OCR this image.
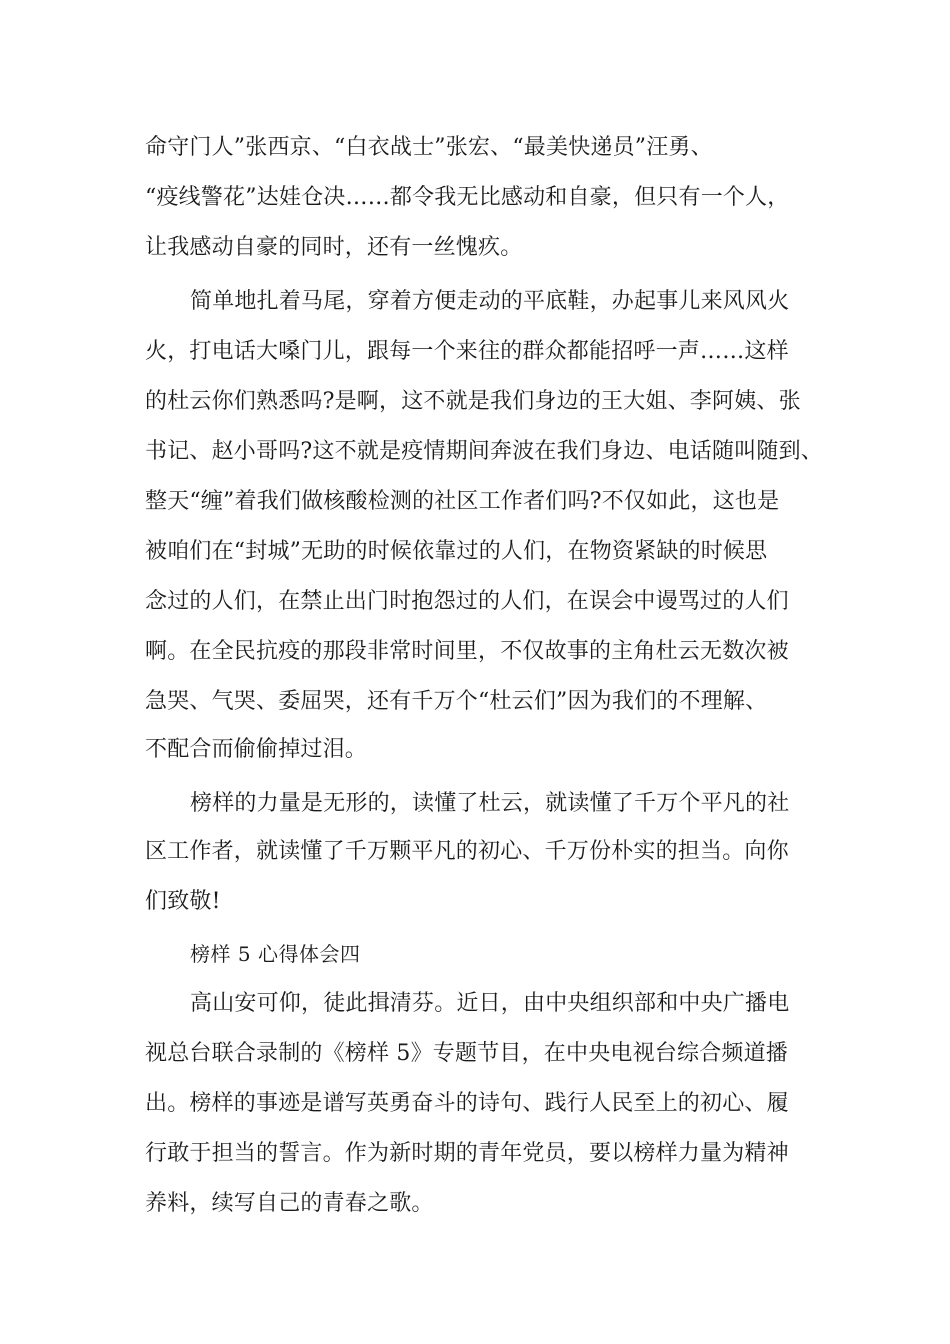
命守门人”张西京、“白衣战士”张宏、“最美快递员”汪勇、
“疫线警花”达娃仓决……都令我无比感动和自豪，但只有一个人，
让我感动自豪的同时，还有一丝愧疚。
简单地扎着马尾，穿着方便走动的平底鞋，办起事儿来风风火
火，打电话大嗓门儿，跟每一个来往的群众都能招呼一声……这样
的杜云你们熟悉吗?是啊，这不就是我们身边的王大姐、李阿姨、张
书记、赵小哥吗?这不就是疫情期间奔波在我们身边、电话随叫随到、
整天“缠”着我们做核酸检测的社区工作者们吗?不仅如此，这也是
被咱们在“封城”无助的时候依靠过的人们，在物资紧缺的时候思
念过的人们，在禁止出门时抱怨过的人们，在误会中谩骂过的人们
啊。在全民抗疫的那段非常时间里，不仅故事的主角杜云无数次被
急哭、气哭、委屈哭，还有千万个“杜云们”因为我们的不理解、
不配合而偷偷掉过泪。
榜样的力量是无形的，读懂了杜云，就读懂了千万个平凡的社
区工作者，就读懂了千万颗平凡的初心、千万份朴实的担当。向你
们致敬!
榜样 5 心得体会四
高山安可仰，徒此揖清芬。近日，由中央组织部和中央广播电
视总台联合录制的《榜样 5》专题节目，在中央电视台综合频道播
出。榜样的事迹是谱写英勇奋斗的诗句、践行人民至上的初心、履
行敢于担当的誓言。作为新时期的青年党员，要以榜样力量为精神
养料，续写自己的青春之歌。
